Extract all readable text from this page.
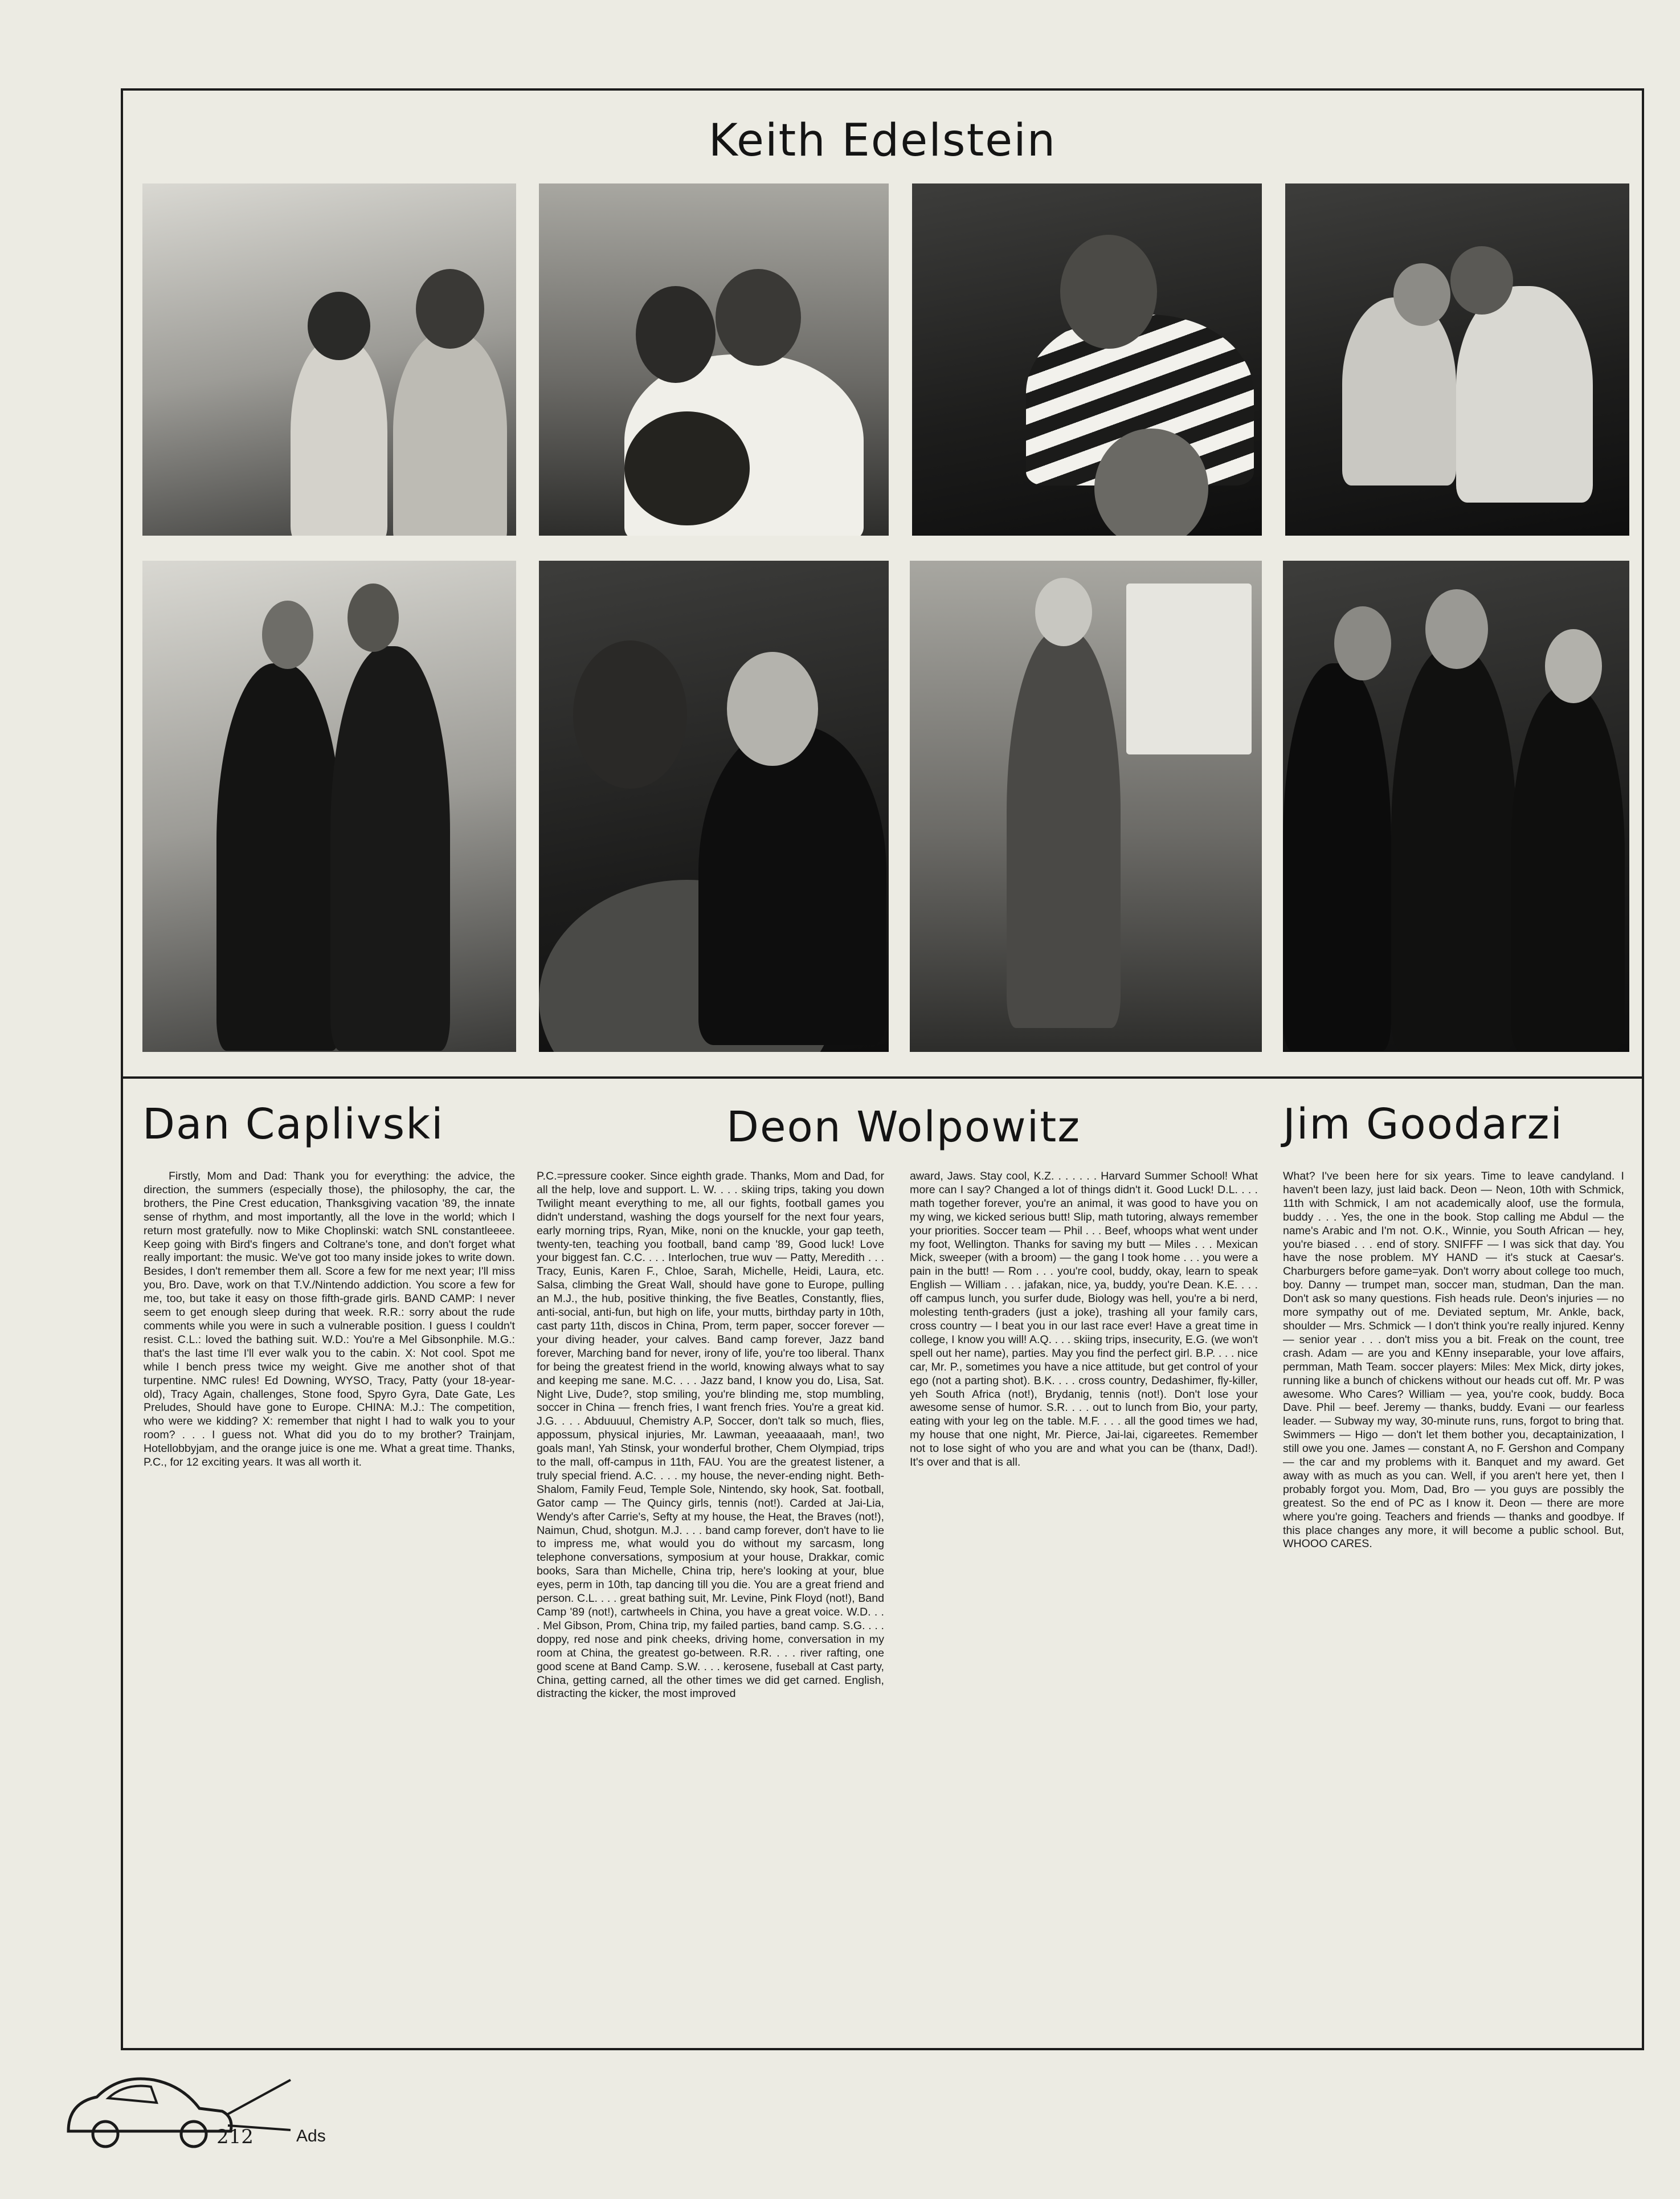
Keith Edelstein
Dan Caplivski	Deon Wolpowitz	Jim Goodarzi

Firstly, Mom and Dad: Thank you for everything: the advice, the direction, the summers (especially those), the philosophy, the car, the brothers, the Pine Crest education, Thanksgiving vacation '89, the innate sense of rhythm, and most importantly, all the love in the world; which I return most gratefully. now to Mike Choplinski: watch SNL constantleeee. Keep going with Bird's fingers and Coltrane's tone, and don't forget what really important: the music. We've got too many inside jokes to write down. Besides, I don't remember them all. Score a few for me next year; I'll miss you, Bro. Dave, work on that T.V./Nintendo addiction. You score a few for me, too, but take it easy on those fifth-grade girls. BAND CAMP: I never seem to get enough sleep during that week. R.R.: sorry about the rude comments while you were in such a vulnerable position. I guess I couldn't resist. C.L.: loved the bathing suit. W.D.: You're a Mel Gibsonphile. M.G.: that's the last time I'll ever walk you to the cabin. X: Not cool. Spot me while I bench press twice my weight. Give me another shot of that turpentine. NMC rules! Ed Downing, WYSO, Tracy, Patty (your 18-year-old), Tracy Again, challenges, Stone food, Spyro Gyra, Date Gate, Les Preludes, Should have gone to Europe. CHINA: M.J.: The competition, who were we kidding? X: remember that night I had to walk you to your room? . . . I guess not. What did you do to my brother? Trainjam, Hotellobbyjam, and the orange juice is one me. What a great time. Thanks, P.C., for 12 exciting years. It was all worth it.

P.C.=pressure cooker. Since eighth grade. Thanks, Mom and Dad, for all the help, love and support. L. W. . . . skiing trips, taking you down Twilight meant everything to me, all our fights, football games you didn't understand, washing the dogs yourself for the next four years, early morning trips, Ryan, Mike, noni on the knuckle, your gap teeth, twenty-ten, teaching you football, band camp '89, Good luck! Love your biggest fan. C.C. . . . Interlochen, true wuv — Patty, Meredith . . . Tracy, Eunis, Karen F., Chloe, Sarah, Michelle, Heidi, Laura, etc. Salsa, climbing the Great Wall, should have gone to Europe, pulling an M.J., the hub, positive thinking, the five Beatles, Constantly, flies, anti-social, anti-fun, but high on life, your mutts, birthday party in 10th, cast party 11th, discos in China, Prom, term paper, soccer forever — your diving header, your calves. Band camp forever, Jazz band forever, Marching band for never, irony of life, you're too liberal. Thanx for being the greatest friend in the world, knowing always what to say and keeping me sane. M.C. . . . Jazz band, I know you do, Lisa, Sat. Night Live, Dude?, stop smiling, you're blinding me, stop mumbling, soccer in China — french fries, I want french fries. You're a great kid. J.G. . . . Abduuuul, Chemistry A.P, Soccer, don't talk so much, flies, appossum, physical injuries, Mr. Lawman, yeeaaaaah, man!, two goals man!, Yah Stinsk, your wonderful brother, Chem Olympiad, trips to the mall, off-campus in 11th, FAU. You are the greatest listener, a truly special friend. A.C. . . . my house, the never-ending night. Beth-Shalom, Family Feud, Temple Sole, Nintendo, sky hook, Sat. football, Gator camp — The Quincy girls, tennis (not!). Carded at Jai-Lia, Wendy's after Carrie's, Sefty at my house, the Heat, the Braves (not!), Naimun, Chud, shotgun. M.J. . . . band camp forever, don't have to lie to impress me, what would you do without my sarcasm, long telephone conversations, symposium at your house, Drakkar, comic books, Sara than Michelle, China trip, here's looking at your, blue eyes, perm in 10th, tap dancing till you die. You are a great friend and person. C.L. . . . great bathing suit, Mr. Levine, Pink Floyd (not!), Band Camp '89 (not!), cartwheels in China, you have a great voice. W.D. . . . Mel Gibson, Prom, China trip, my failed parties, band camp. S.G. . . . doppy, red nose and pink cheeks, driving home, conversation in my room at China, the greatest go-between. R.R. . . . river rafting, one good scene at Band Camp. S.W. . . . kerosene, fuseball at Cast party, China, getting carned, all the other times we did get carned. English, distracting the kicker, the most improved

award, Jaws. Stay cool, K.Z. . . . . . . Harvard Summer School! What more can I say? Changed a lot of things didn't it. Good Luck! D.L. . . . math together forever, you're an animal, it was good to have you on my wing, we kicked serious butt! Slip, math tutoring, always remember your priorities. Soccer team — Phil . . . Beef, whoops what went under my foot, Wellington. Thanks for saving my butt — Miles . . . Mexican Mick, sweeper (with a broom) — the gang I took home . . . you were a pain in the butt! — Rom . . . you're cool, buddy, okay, learn to speak English — William . . . jafakan, nice, ya, buddy, you're Dean. K.E. . . . off campus lunch, you surfer dude, Biology was hell, you're a bi nerd, molesting tenth-graders (just a joke), trashing all your family cars, cross country — I beat you in our last race ever! Have a great time in college, I know you will! A.Q. . . . skiing trips, insecurity, E.G. (we won't spell out her name), parties. May you find the perfect girl. B.P. . . . nice car, Mr. P., sometimes you have a nice attitude, but get control of your ego (not a parting shot). B.K. . . . cross country, Dedashimer, fly-killer, yeh South Africa (not!), Brydanig, tennis (not!). Don't lose your awesome sense of humor. S.R. . . . out to lunch from Bio, your party, eating with your leg on the table. M.F. . . . all the good times we had, my house that one night, Mr. Pierce, Jai-lai, cigareetes. Remember not to lose sight of who you are and what you can be (thanx, Dad!). It's over and that is all.

What? I've been here for six years. Time to leave candyland. I haven't been lazy, just laid back. Deon — Neon, 10th with Schmick, 11th with Schmick, I am not academically aloof, use the formula, buddy . . . Yes, the one in the book. Stop calling me Abdul — the name's Arabic and I'm not. O.K., Winnie, you South African — hey, you're biased . . . end of story. SNIFFF — I was sick that day. You have the nose problem. MY HAND — it's stuck at Caesar's. Charburgers before game=yak. Don't worry about college too much, boy. Danny — trumpet man, soccer man, studman, Dan the man. Don't ask so many questions. Fish heads rule. Deon's injuries — no more sympathy out of me. Deviated septum, Mr. Ankle, back, shoulder — Mrs. Schmick — I don't think you're really injured. Kenny — senior year . . . don't miss you a bit. Freak on the count, tree crash. Adam — are you and KEnny inseparable, your love affairs, permman, Math Team. soccer players: Miles: Mex Mick, dirty jokes, running like a bunch of chickens without our heads cut off. Mr. P was awesome. Who Cares? William — yea, you're cook, buddy. Boca Dave. Phil — beef. Jeremy — thanks, buddy. Evani — our fearless leader. — Subway my way, 30-minute runs, runs, forgot to bring that. Swimmers — Higo — don't let them bother you, decaptainization, I still owe you one. James — constant A, no F. Gershon and Company — the car and my problems with it. Banquet and my award. Get away with as much as you can. Well, if you aren't here yet, then I probably forgot you. Mom, Dad, Bro — you guys are possibly the greatest. So the end of PC as I know it. Deon — there are more where you're going. Teachers and friends — thanks and goodbye. If this place changes any more, it will become a public school. But, WHOOO CARES.

212	Ads
